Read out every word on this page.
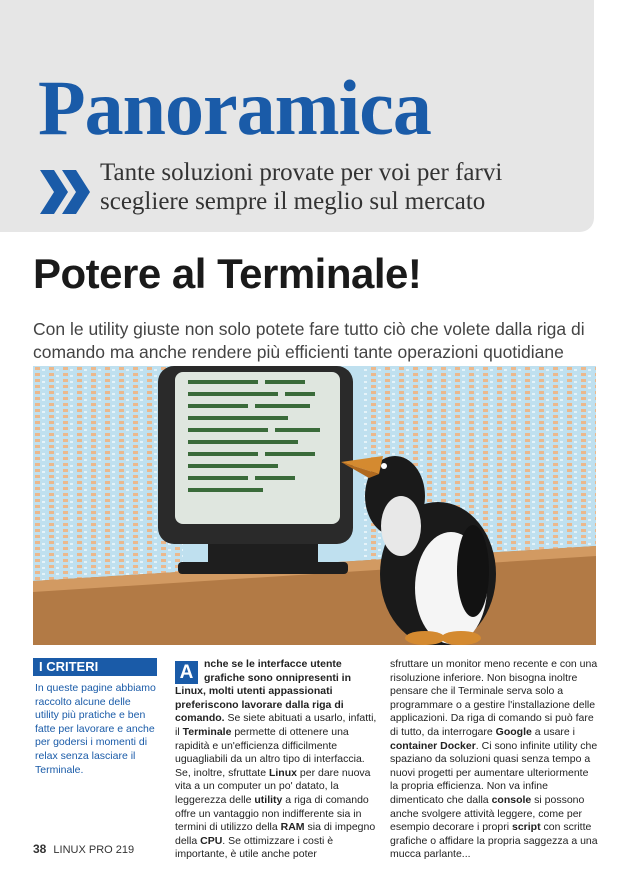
Panoramica

Tante soluzioni provate per voi per farvi scegliere sempre il meglio sul mercato

Potere al Terminale!

Con le utility giuste non solo potete fare tutto ciò che volete dalla riga di comando ma anche rendere più efficienti tante operazioni quotidiane

I CRITERI

In queste pagine abbiamo raccolto alcune delle utility più pratiche e ben fatte per lavorare e anche per godersi i momenti di relax senza lasciare il Terminale.

A	nche se le interfacce utente grafiche sono onnipresenti in Linux, molti utenti appassionati preferiscono lavorare dalla riga di comando. Se siete abituati a usarlo, infatti, il Terminale permette di ottenere una rapidità e un'efficienza difficilmente uguagliabili da un altro tipo di interfaccia. Se, inoltre, sfruttate Linux per dare nuova vita a un computer un po' datato, la leggerezza delle utility a riga di comando offre un vantaggio non indifferente sia in termini di utilizzo della RAM sia di impegno della CPU. Se ottimizzare i costi è importante, è utile anche poter

sfruttare un monitor meno recente e con una risoluzione inferiore. Non bisogna inoltre pensare che il Terminale serva solo a programmare o a gestire l'installazione delle applicazioni. Da riga di comando si può fare di tutto, da interrogare Google a usare i container Docker. Ci sono infinite utility che spaziano da soluzioni quasi senza tempo a nuovi progetti per aumentare ulteriormente la propria efficienza. Non va infine dimenticato che dalla console si possono anche svolgere attività leggere, come per esempio decorare i propri script con scritte grafiche o affidare la propria saggezza a una mucca parlante...

38 LINUX PRO 219
